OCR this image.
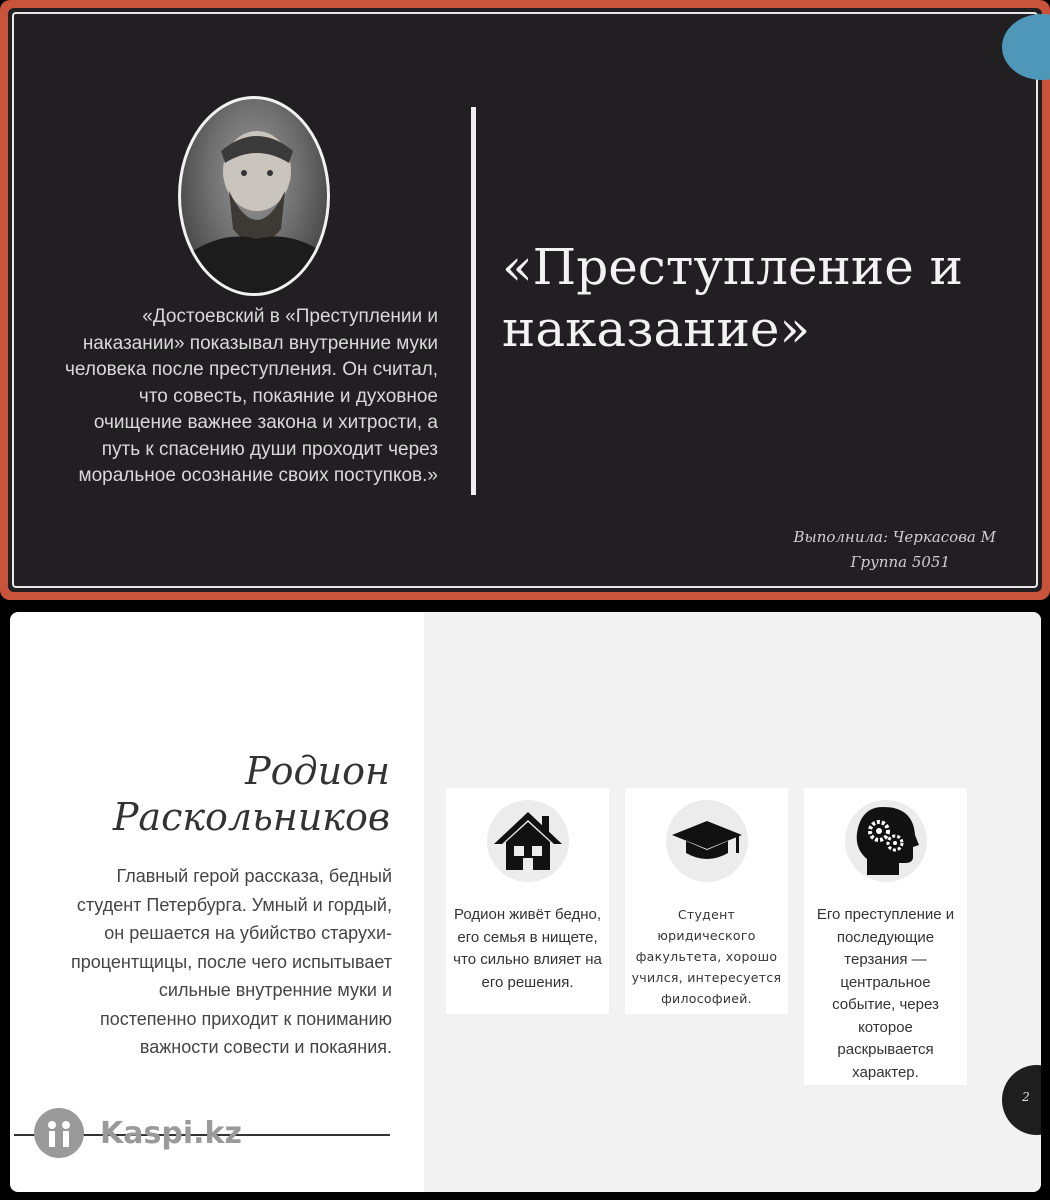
«Достоевский в «Преступлении и наказании» показывал внутренние муки человека после преступления. Он считал, что совесть, покаяние и духовное очищение важнее закона и хитрости, а путь к спасению души проходит через моральное осознание своих поступков.»
«Преступление и наказание»
Выполнила: Черкасова М

Группа 5051
Родион Раскольников
Главный герой рассказа, бедный студент Петербурга. Умный и гордый, он решается на убийство старухи-процентщицы, после чего испытывает сильные внутренние муки и постепенно приходит к пониманию важности совести и покаяния.
Kaspi.kz
Родион живёт бедно, его семья в нищете, что сильно влияет на его решения.
Студент юридического факультета, хорошо учился, интересуется философией.
Его преступление и последующие терзания — центральное событие, через которое раскрывается характер.
2
